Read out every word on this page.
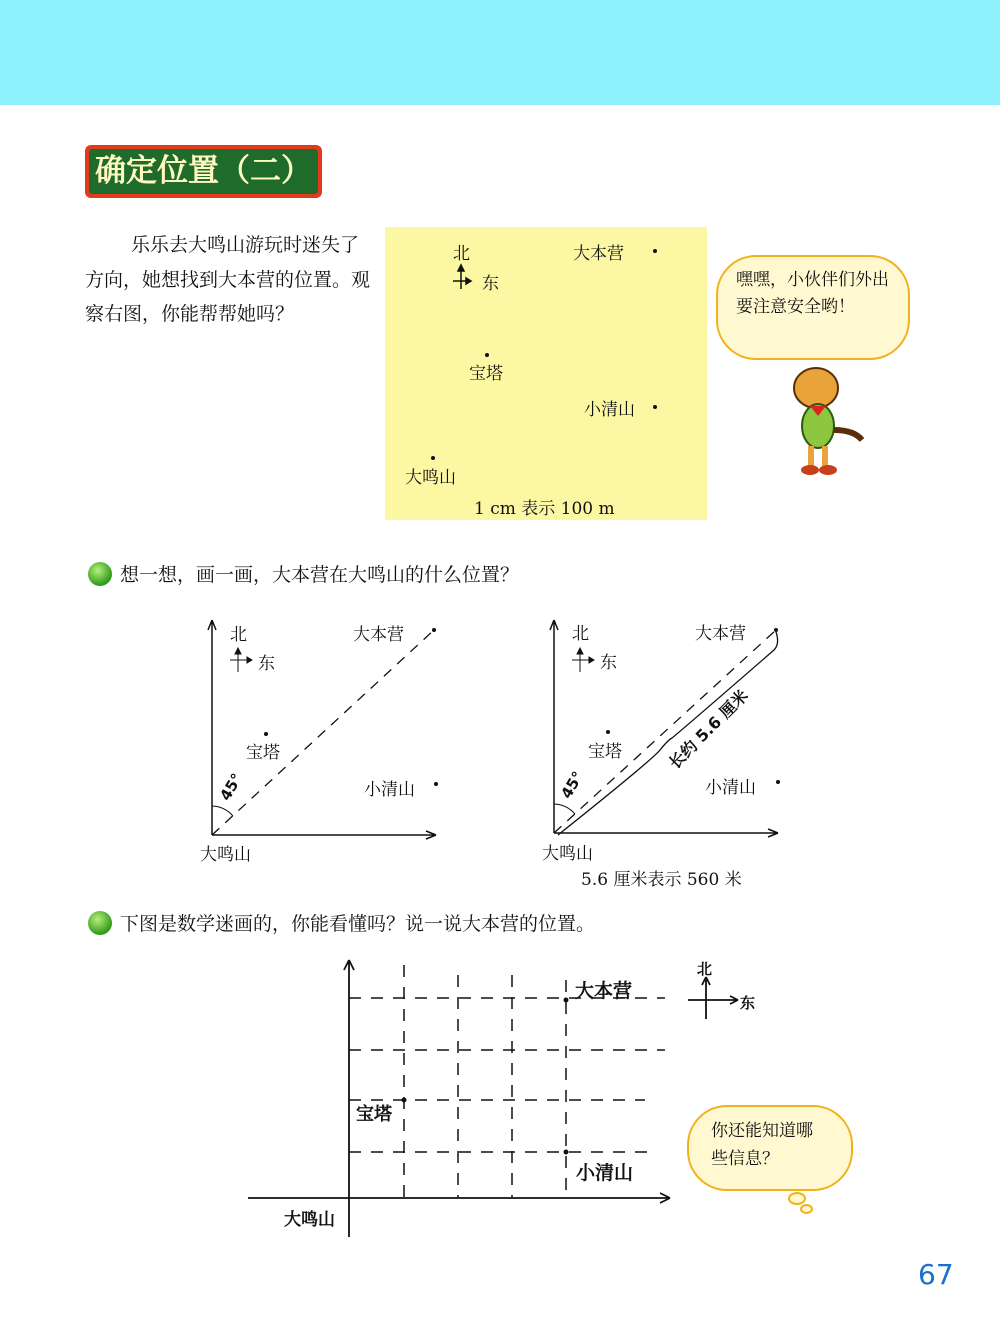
确定位置（二）
乐乐去大鸣山游玩时迷失了方向，她想找到大本营的位置。观察右图，你能帮帮她吗？
北
东
大本营
宝塔
小清山
大鸣山
1 cm 表示 100 m
嘿嘿，小伙伴们外出要注意安全哟！
想一想，画一画，大本营在大鸣山的什么位置？
北
东
大本营
宝塔
小清山
45°
大鸣山
北
东
大本营
宝塔
小清山
45°
长约 5.6 厘米
大鸣山
5.6 厘米表示 560 米
下图是数学迷画的，你能看懂吗？说一说大本营的位置。
大本营
宝塔
小清山
大鸣山
北
东
你还能知道哪些信息？
67
